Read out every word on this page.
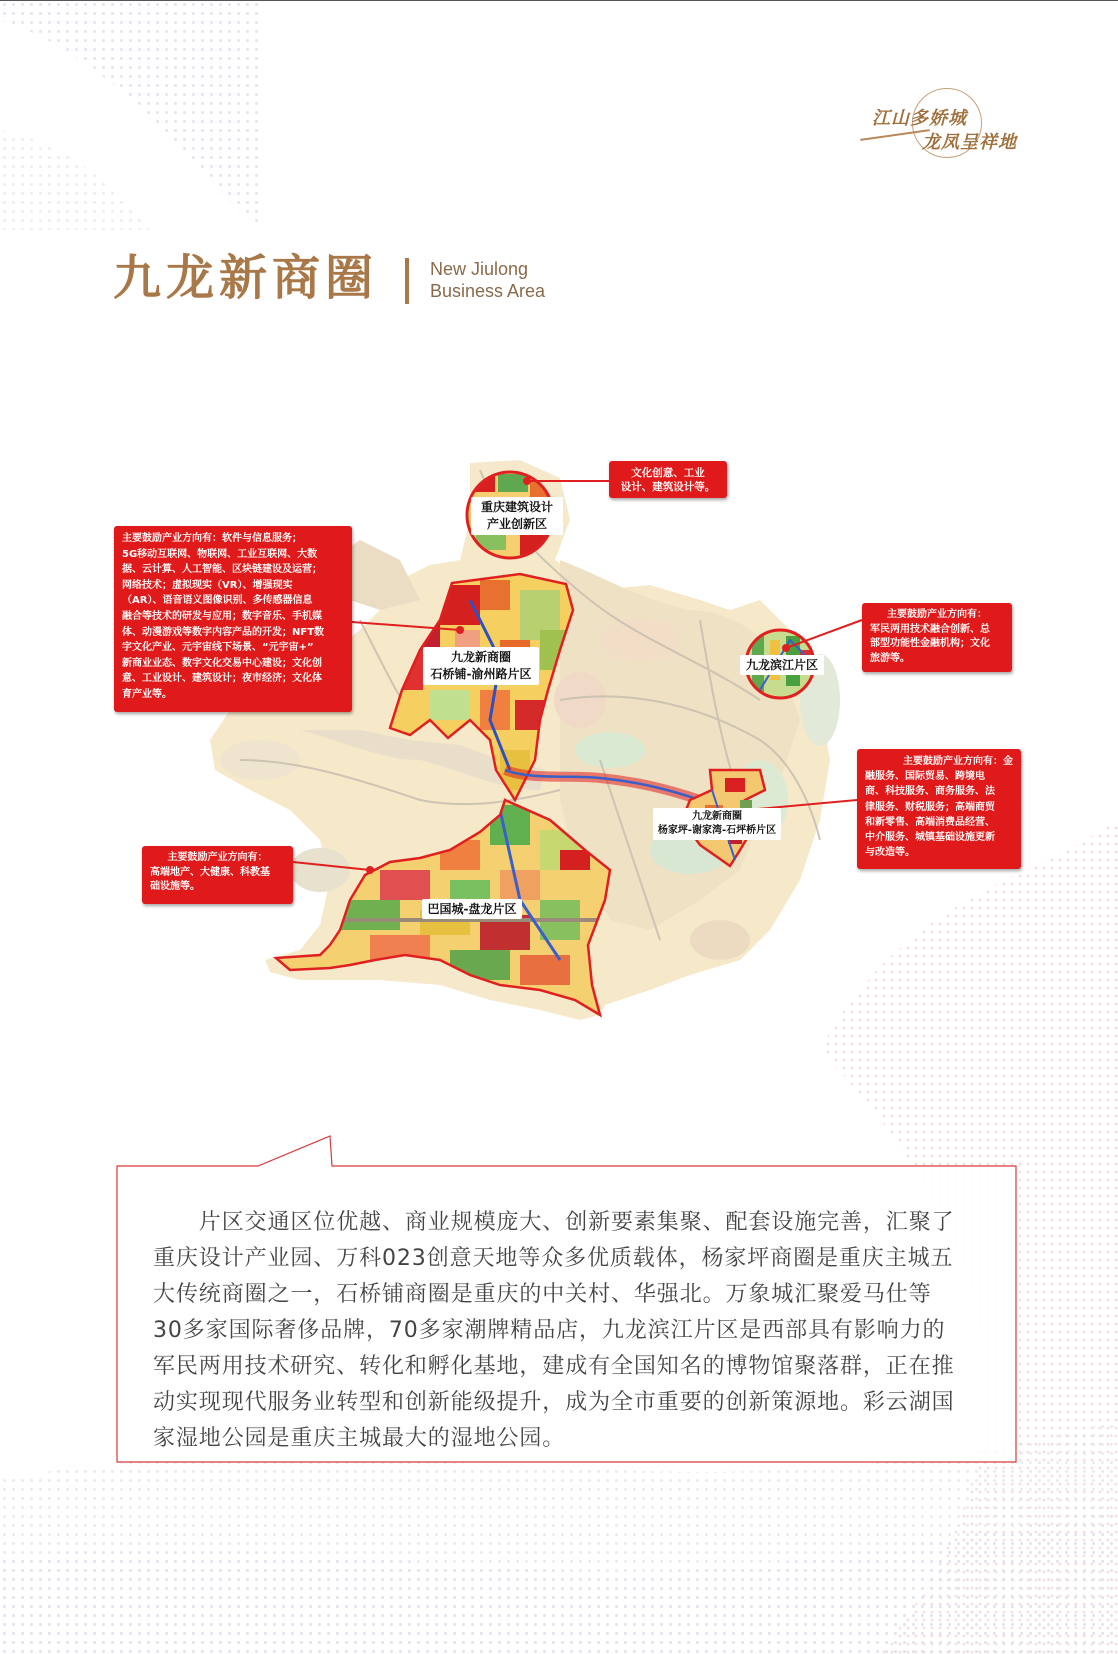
江山多娇城
龙凤呈祥地
九龙新商圈	New Jiulong
Business Area
重庆建筑设计
产业创新区
九龙新商圈
石桥铺-渝州路片区
九龙滨江片区
九龙新商圈
杨家坪-谢家湾-石坪桥片区
巴国城-盘龙片区
文化创意、工业
设计、建筑设计等。
主要鼓励产业方向有：软件与信息服务；
5G移动互联网、物联网、工业互联网、大数
据、云计算、人工智能、区块链建设及运营；
网络技术；虚拟现实（VR）、增强现实
（AR）、语音语义图像识别、多传感器信息
融合等技术的研发与应用；数字音乐、手机媒
体、动漫游戏等数字内容产品的开发；NFT数
字文化产业、元宇宙线下场景、“元宇宙+”
新商业业态、数字文化交易中心建设；文化创
意、工业设计、建筑设计；夜市经济；文化体
育产业等。
主要鼓励产业方向有：
军民两用技术融合创新、总
部型功能性金融机构；文化
旅游等。
主要鼓励产业方向有：金
融服务、国际贸易、跨境电
商、科技服务、商务服务、法
律服务、财税服务；高端商贸
和新零售、高端消费品经营、
中介服务、城镇基础设施更新
与改造等。
主要鼓励产业方向有：
高端地产、大健康、科教基
础设施等。
　　片区交通区位优越、商业规模庞大、创新要素集聚、配套设施完善，汇聚了
重庆设计产业园、万科023创意天地等众多优质载体，杨家坪商圈是重庆主城五
大传统商圈之一，石桥铺商圈是重庆的中关村、华强北。万象城汇聚爱马仕等
30多家国际奢侈品牌，70多家潮牌精品店，九龙滨江片区是西部具有影响力的
军民两用技术研究、转化和孵化基地，建成有全国知名的博物馆聚落群，正在推
动实现现代服务业转型和创新能级提升，成为全市重要的创新策源地。彩云湖国
家湿地公园是重庆主城最大的湿地公园。
